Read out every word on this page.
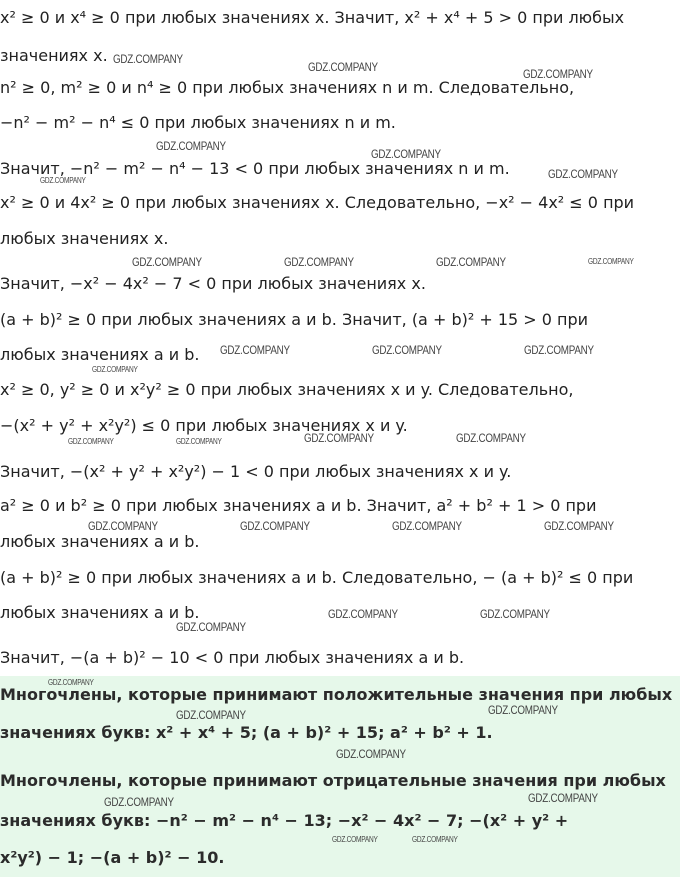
x² ≥ 0 и x⁴ ≥ 0 при любых значениях x. Значит, x² + x⁴ + 5 > 0 при любых
значениях x.
n² ≥ 0, m² ≥ 0 и n⁴ ≥ 0 при любых значениях n и m. Следовательно,
−n² − m² − n⁴ ≤ 0 при любых значениях n и m.
Значит, −n² − m² − n⁴ − 13 < 0 при любых значениях n и m.
x² ≥ 0 и 4x² ≥ 0 при любых значениях x. Следовательно, −x² − 4x² ≤ 0 при
любых значениях x.
Значит, −x² − 4x² − 7 < 0 при любых значениях x.
(a + b)² ≥ 0 при любых значениях a и b. Значит, (a + b)² + 15 > 0 при
любых значениях a и b.
x² ≥ 0, y² ≥ 0 и x²y² ≥ 0 при любых значениях x и y. Следовательно,
−(x² + y² + x²y²) ≤ 0 при любых значениях x и y.
Значит, −(x² + y² + x²y²) − 1 < 0 при любых значениях x и y.
a² ≥ 0 и b² ≥ 0 при любых значениях a и b. Значит, a² + b² + 1 > 0 при
любых значениях a и b.
(a + b)² ≥ 0 при любых значениях a и b. Следовательно, − (a + b)² ≤ 0 при
любых значениях a и b.
Значит, −(a + b)² − 10 < 0 при любых значениях a и b.
Многочлены, которые принимают положительные значения при любых
значениях букв: x² + x⁴ + 5; (a + b)² + 15; a² + b² + 1.
Многочлены, которые принимают отрицательные значения при любых
значениях букв: −n² − m² − n⁴ − 13; −x² − 4x² − 7; −(x² + y² +
x²y²) − 1; −(a + b)² − 10.
GDZ.COMPANY
GDZ.COMPANY	GDZ.COMPANY
GDZ.COMPANY
GDZ.COMPANY
GDZ.COMPANY
GDZ.COMPANY
GDZ.COMPANY	GDZ.COMPANY	GDZ.COMPANY	GDZ.COMPANY
GDZ.COMPANY	GDZ.COMPANY	GDZ.COMPANY
GDZ.COMPANY
GDZ.COMPANY	GDZ.COMPANY	GDZ.COMPANY	GDZ.COMPANY
GDZ.COMPANY	GDZ.COMPANY	GDZ.COMPANY	GDZ.COMPANY
GDZ.COMPANY	GDZ.COMPANY
GDZ.COMPANY
GDZ.COMPANY
GDZ.COMPANY	GDZ.COMPANY
GDZ.COMPANY
GDZ.COMPANY	GDZ.COMPANY
GDZ.COMPANY	GDZ.COMPANY
